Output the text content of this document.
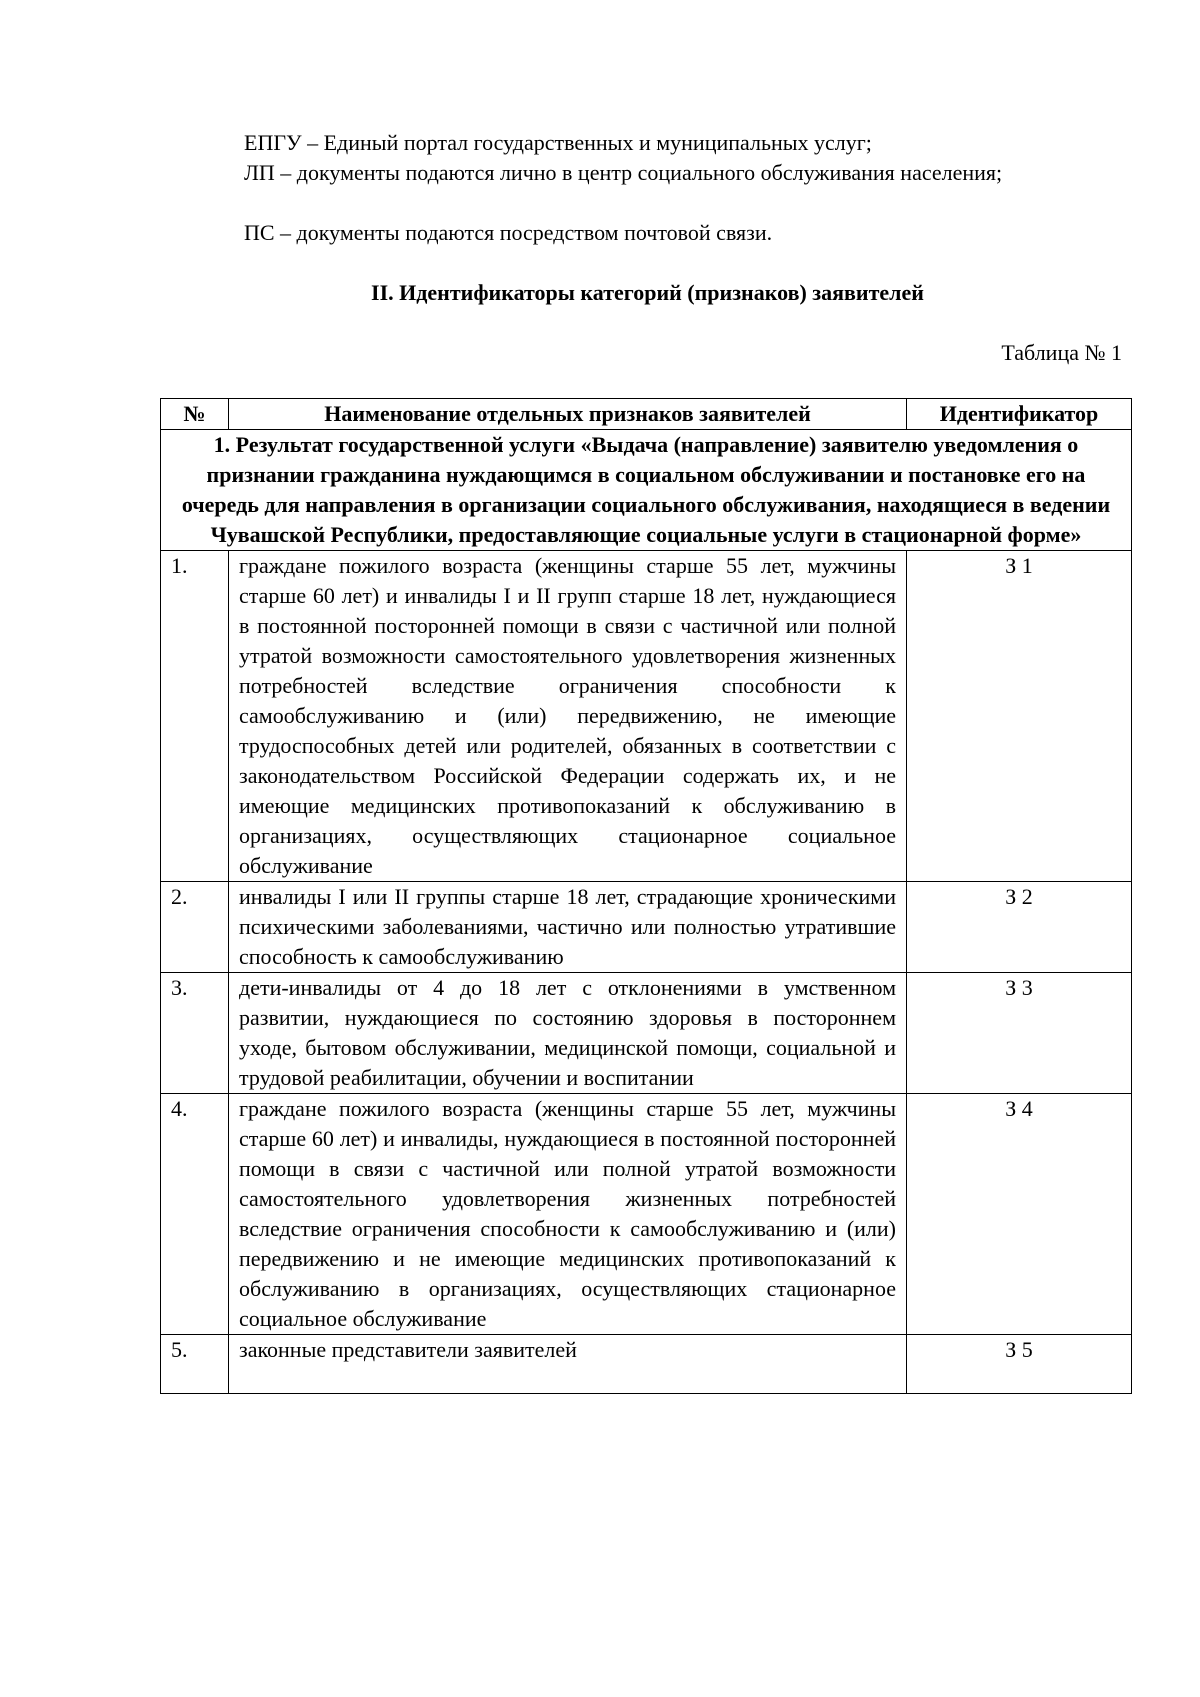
ЕПГУ – Единый портал государственных и муниципальных услуг;
ЛП – документы подаются лично в центр социального обслуживания населения;
ПС – документы подаются посредством почтовой связи.
II. Идентификаторы категорий (признаков) заявителей
Таблица № 1
№	Наименование отдельных признаков заявителей	Идентификатор
1. Результат государственной услуги «Выдача (направление) заявителю уведомления о признании гражданина нуждающимся в социальном обслуживании и постановке его на очередь для направления в организации социального обслуживания, находящиеся в ведении Чувашской Республики, предоставляющие социальные услуги в стационарной форме»		
1.	граждане пожилого возраста (женщины старше 55 лет, мужчины старше 60 лет) и инвалиды I и II групп старше 18 лет, нуждающиеся в постоянной посторонней помощи в связи с частичной или полной утратой возможности самостоятельного удовлетворения жизненных потребностей вследствие ограничения способности к самообслуживанию и (или) передвижению, не имеющие трудоспособных детей или родителей, обязанных в соответствии с законодательством Российской Федерации содержать их, и не имеющие медицинских противопоказаний к обслуживанию в организациях, осуществляющих стационарное социальное обслуживание	З 1
2.	инвалиды I или II группы старше 18 лет, страдающие хроническими психическими заболеваниями, частично или полностью утратившие способность к самообслуживанию	З 2
3.	дети-инвалиды от 4 до 18 лет с отклонениями в умственном развитии, нуждающиеся по состоянию здоровья в постороннем уходе, бытовом обслуживании, медицинской помощи, социальной и трудовой реабилитации, обучении и воспитании	З 3
4.	граждане пожилого возраста (женщины старше 55 лет, мужчины старше 60 лет) и инвалиды, нуждающиеся в постоянной посторонней помощи в связи с частичной или полной утратой возможности самостоятельного удовлетворения жизненных потребностей вследствие ограничения способности к самообслуживанию и (или) передвижению и не имеющие медицинских противопоказаний к обслуживанию в организациях, осуществляющих стационарное социальное обслуживание	З 4
5.	законные представители заявителей	З 5
